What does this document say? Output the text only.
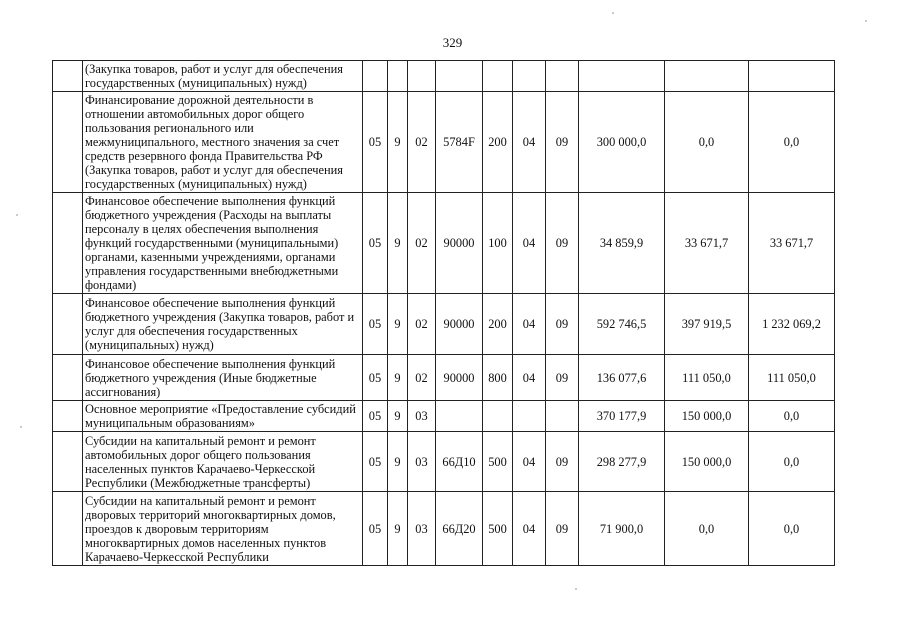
329
	(Закупка товаров, работ и услуг для обеспечения государственных (муниципальных) нужд)										
	Финансирование дорожной деятельности в отношении автомобильных дорог общего пользования регионального или межмуниципального, местного значения за счет средств резервного фонда Правительства РФ (Закупка товаров, работ и услуг для обеспечения государственных (муниципальных) нужд)	05	9	02	5784F	200	04	09	300 000,0	0,0	0,0
	Финансовое обеспечение выполнения функций бюджетного учреждения (Расходы на выплаты персоналу в целях обеспечения выполнения функций государственными (муниципальными) органами, казенными учреждениями, органами управления государственными внебюджетными фондами)	05	9	02	90000	100	04	09	34 859,9	33 671,7	33 671,7
	Финансовое обеспечение выполнения функций бюджетного учреждения (Закупка товаров, работ и услуг для обеспечения государственных (муниципальных) нужд)	05	9	02	90000	200	04	09	592 746,5	397 919,5	1 232 069,2
	Финансовое обеспечение выполнения функций бюджетного учреждения (Иные бюджетные ассигнования)	05	9	02	90000	800	04	09	136 077,6	111 050,0	111 050,0
	Основное мероприятие «Предоставление субсидий муниципальным образованиям»	05	9	03					370 177,9	150 000,0	0,0
	Субсидии на капитальный ремонт и ремонт автомобильных дорог общего пользования населенных пунктов Карачаево-Черкесской Республики (Межбюджетные трансферты)	05	9	03	66Д10	500	04	09	298 277,9	150 000,0	0,0
	Субсидии на капитальный ремонт и ремонт дворовых территорий многоквартирных домов, проездов к дворовым территориям многоквартирных домов населенных пунктов Карачаево-Черкесской Республики	05	9	03	66Д20	500	04	09	71 900,0	0,0	0,0
